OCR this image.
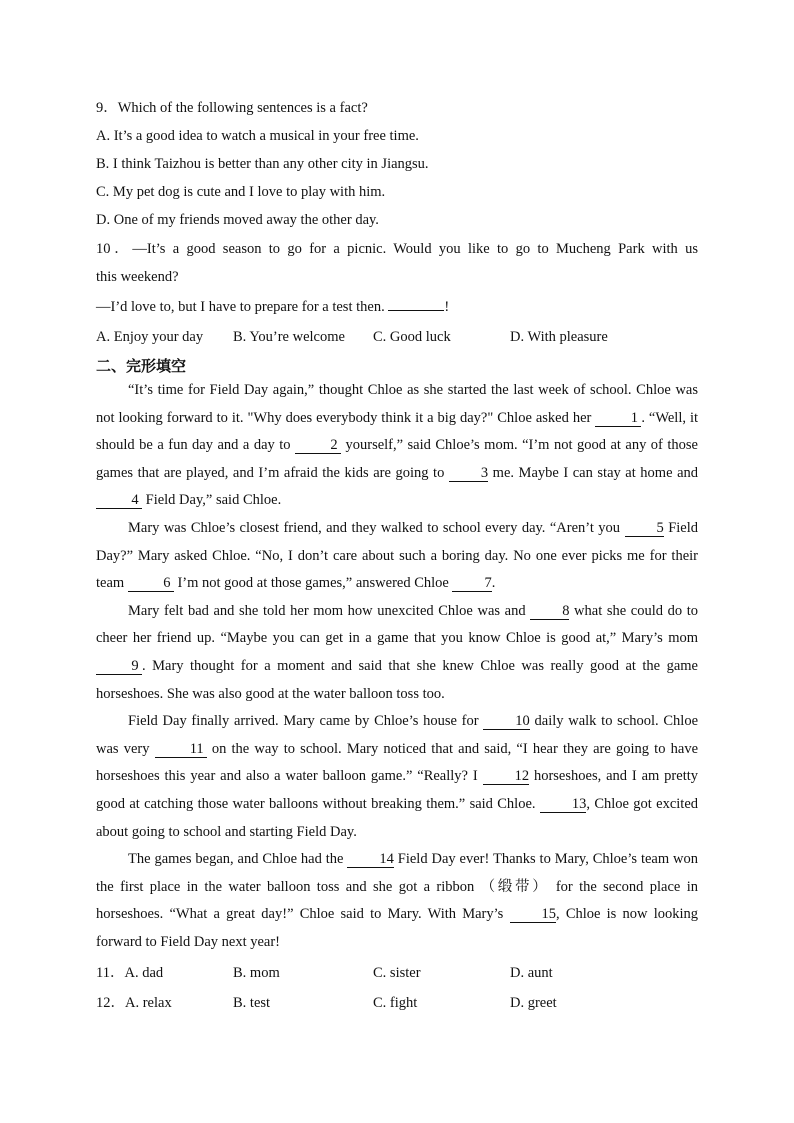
9．Which of the following sentences is a fact?

A. It’s a good idea to watch a musical in your free time.

B. I think Taizhou is better than any other city in Jiangsu.

C. My pet dog is cute and I love to play with him.

D. One of my friends moved away the other day.

10．—It’s a good season to go for a picnic. Would you like to go to Mucheng Park with us

this weekend?

—I’d love to, but I have to prepare for a test then.	!

A. Enjoy your day	B. You’re welcome	C. Good luck	D. With pleasure
二、完形填空

“It’s time for Field Day again,” thought Chloe as she started the last week of school. Chloe was not looking forward to it. "Why does everybody think it a big day?" Chloe asked her	1 . “Well, it should be a fun day and a day to	2 yourself,” said Chloe’s mom. “I’m not good at any of those games that are played, and I’m afraid the kids are going to	3 me. Maybe I can stay at home and 4 Field Day,” said Chloe.

Mary was Chloe’s closest friend, and they walked to school every day. “Aren’t you	5 Field Day?” Mary asked Chloe. “No, I don’t care about such a boring day. No one ever picks me for their team	6 I’m not good at those games,” answered Chloe 7.

Mary felt bad and she told her mom how unexcited Chloe was and	8 what she could do to cheer her friend up. “Maybe you can get in a game that you know Chloe is good at,” Mary’s mom 9 . Mary thought for a moment and said that she knew Chloe was really good at the game horseshoes. She was also good at the water balloon toss too.

Field Day finally arrived. Mary came by Chloe’s house for	10 daily walk to school. Chloe was very	11 on the way to school. Mary noticed that and said, “I hear they are going to have horseshoes this year and also a water balloon game.” “Really? I	12 horseshoes, and I am pretty good at catching those water balloons without breaking them.” said Chloe.	13, Chloe got excited about going to school and starting Field Day.

The games began, and Chloe had the 14 Field Day ever! Thanks to Mary, Chloe’s team won the first place in the water balloon toss and she got a ribbon （缎带） for the second place in horseshoes. “What a great day!” Chloe said to Mary. With Mary’s	15, Chloe is now looking forward to Field Day next year!

11．A. dad	B. mom	C. sister	D. aunt
12．A. relax	B. test	C. fight	D. greet
